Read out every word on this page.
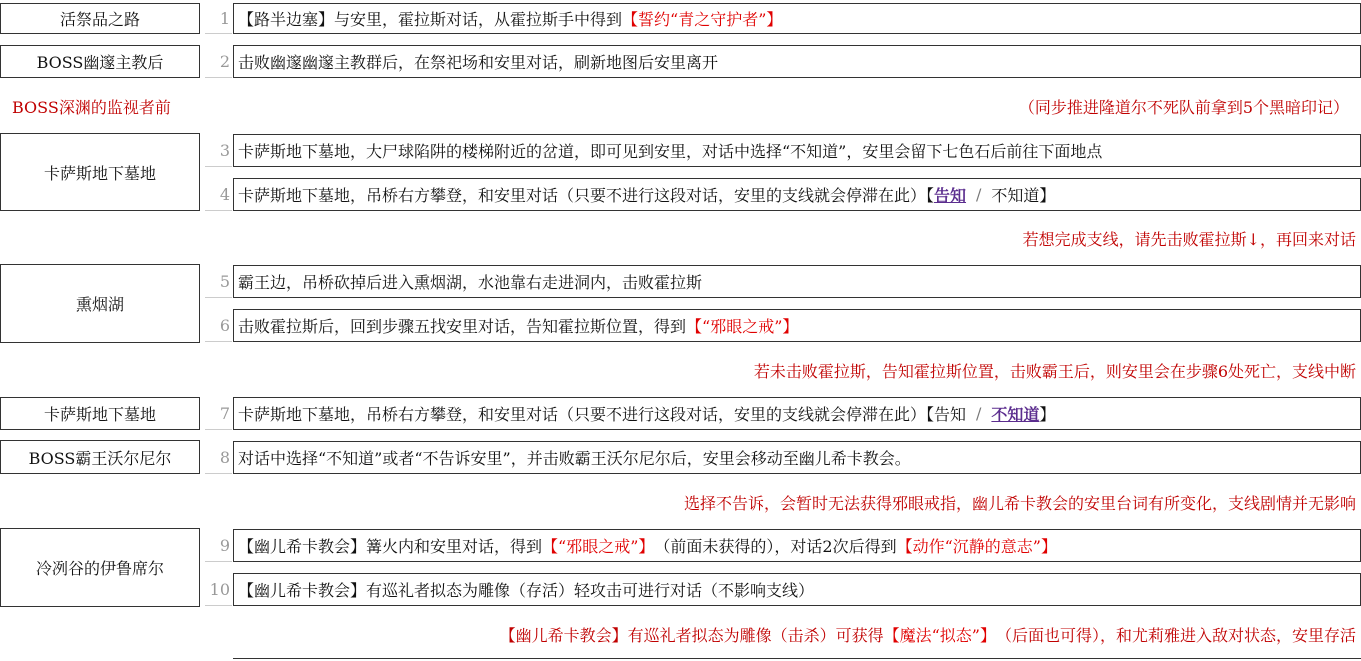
活祭品之路
BOSS幽邃主教后
卡萨斯地下墓地
熏烟湖
卡萨斯地下墓地
BOSS霸王沃尔尼尔
冷冽谷的伊鲁席尔
1
2
3
4
5
6
7
8
9
10
【路半边塞】与安里，霍拉斯对话，从霍拉斯手中得到 【誓约“青之守护者”】
击败幽邃幽邃主教群后，在祭祀场和安里对话，刷新地图后安里离开
卡萨斯地下墓地，大尸球陷阱的楼梯附近的岔道，即可见到安里，对话中选择“不知道”，安里会留下七色石后前往下面地点
卡萨斯地下墓地，吊桥右方攀登，和安里对话（只要不进行这段对话，安里的支线就会停滞在此）【 告知 / 不知道】
霸王边，吊桥砍掉后进入熏烟湖，水池靠右走进洞内，击败霍拉斯
击败霍拉斯后，回到步骤五找安里对话，告知霍拉斯位置，得到 【“邪眼之戒”】
卡萨斯地下墓地，吊桥右方攀登，和安里对话（只要不进行这段对话，安里的支线就会停滞在此）【告知 / 不知道 】
对话中选择“不知道”或者“不告诉安里”，并击败霸王沃尔尼尔后，安里会移动至幽儿希卡教会。
【幽儿希卡教会】篝火内和安里对话，得到 【“邪眼之戒”】 （前面未获得的），对话2次后得到 【动作“沉静的意志”】
【幽儿希卡教会】有巡礼者拟态为雕像（存活）轻攻击可进行对话（不影响支线）
BOSS深渊的监视者前	（同步推进隆道尔不死队前拿到5个黑暗印记）
若想完成支线，请先击败霍拉斯↓，再回来对话
若未击败霍拉斯，告知霍拉斯位置，击败霸王后，则安里会在步骤6处死亡，支线中断
选择不告诉，会暂时无法获得邪眼戒指，幽儿希卡教会的安里台词有所变化，支线剧情并无影响
【幽儿希卡教会】有巡礼者拟态为雕像（击杀）可获得 【魔法“拟态”】 （后面也可得），和尤莉雅进入敌对状态，安里存活
